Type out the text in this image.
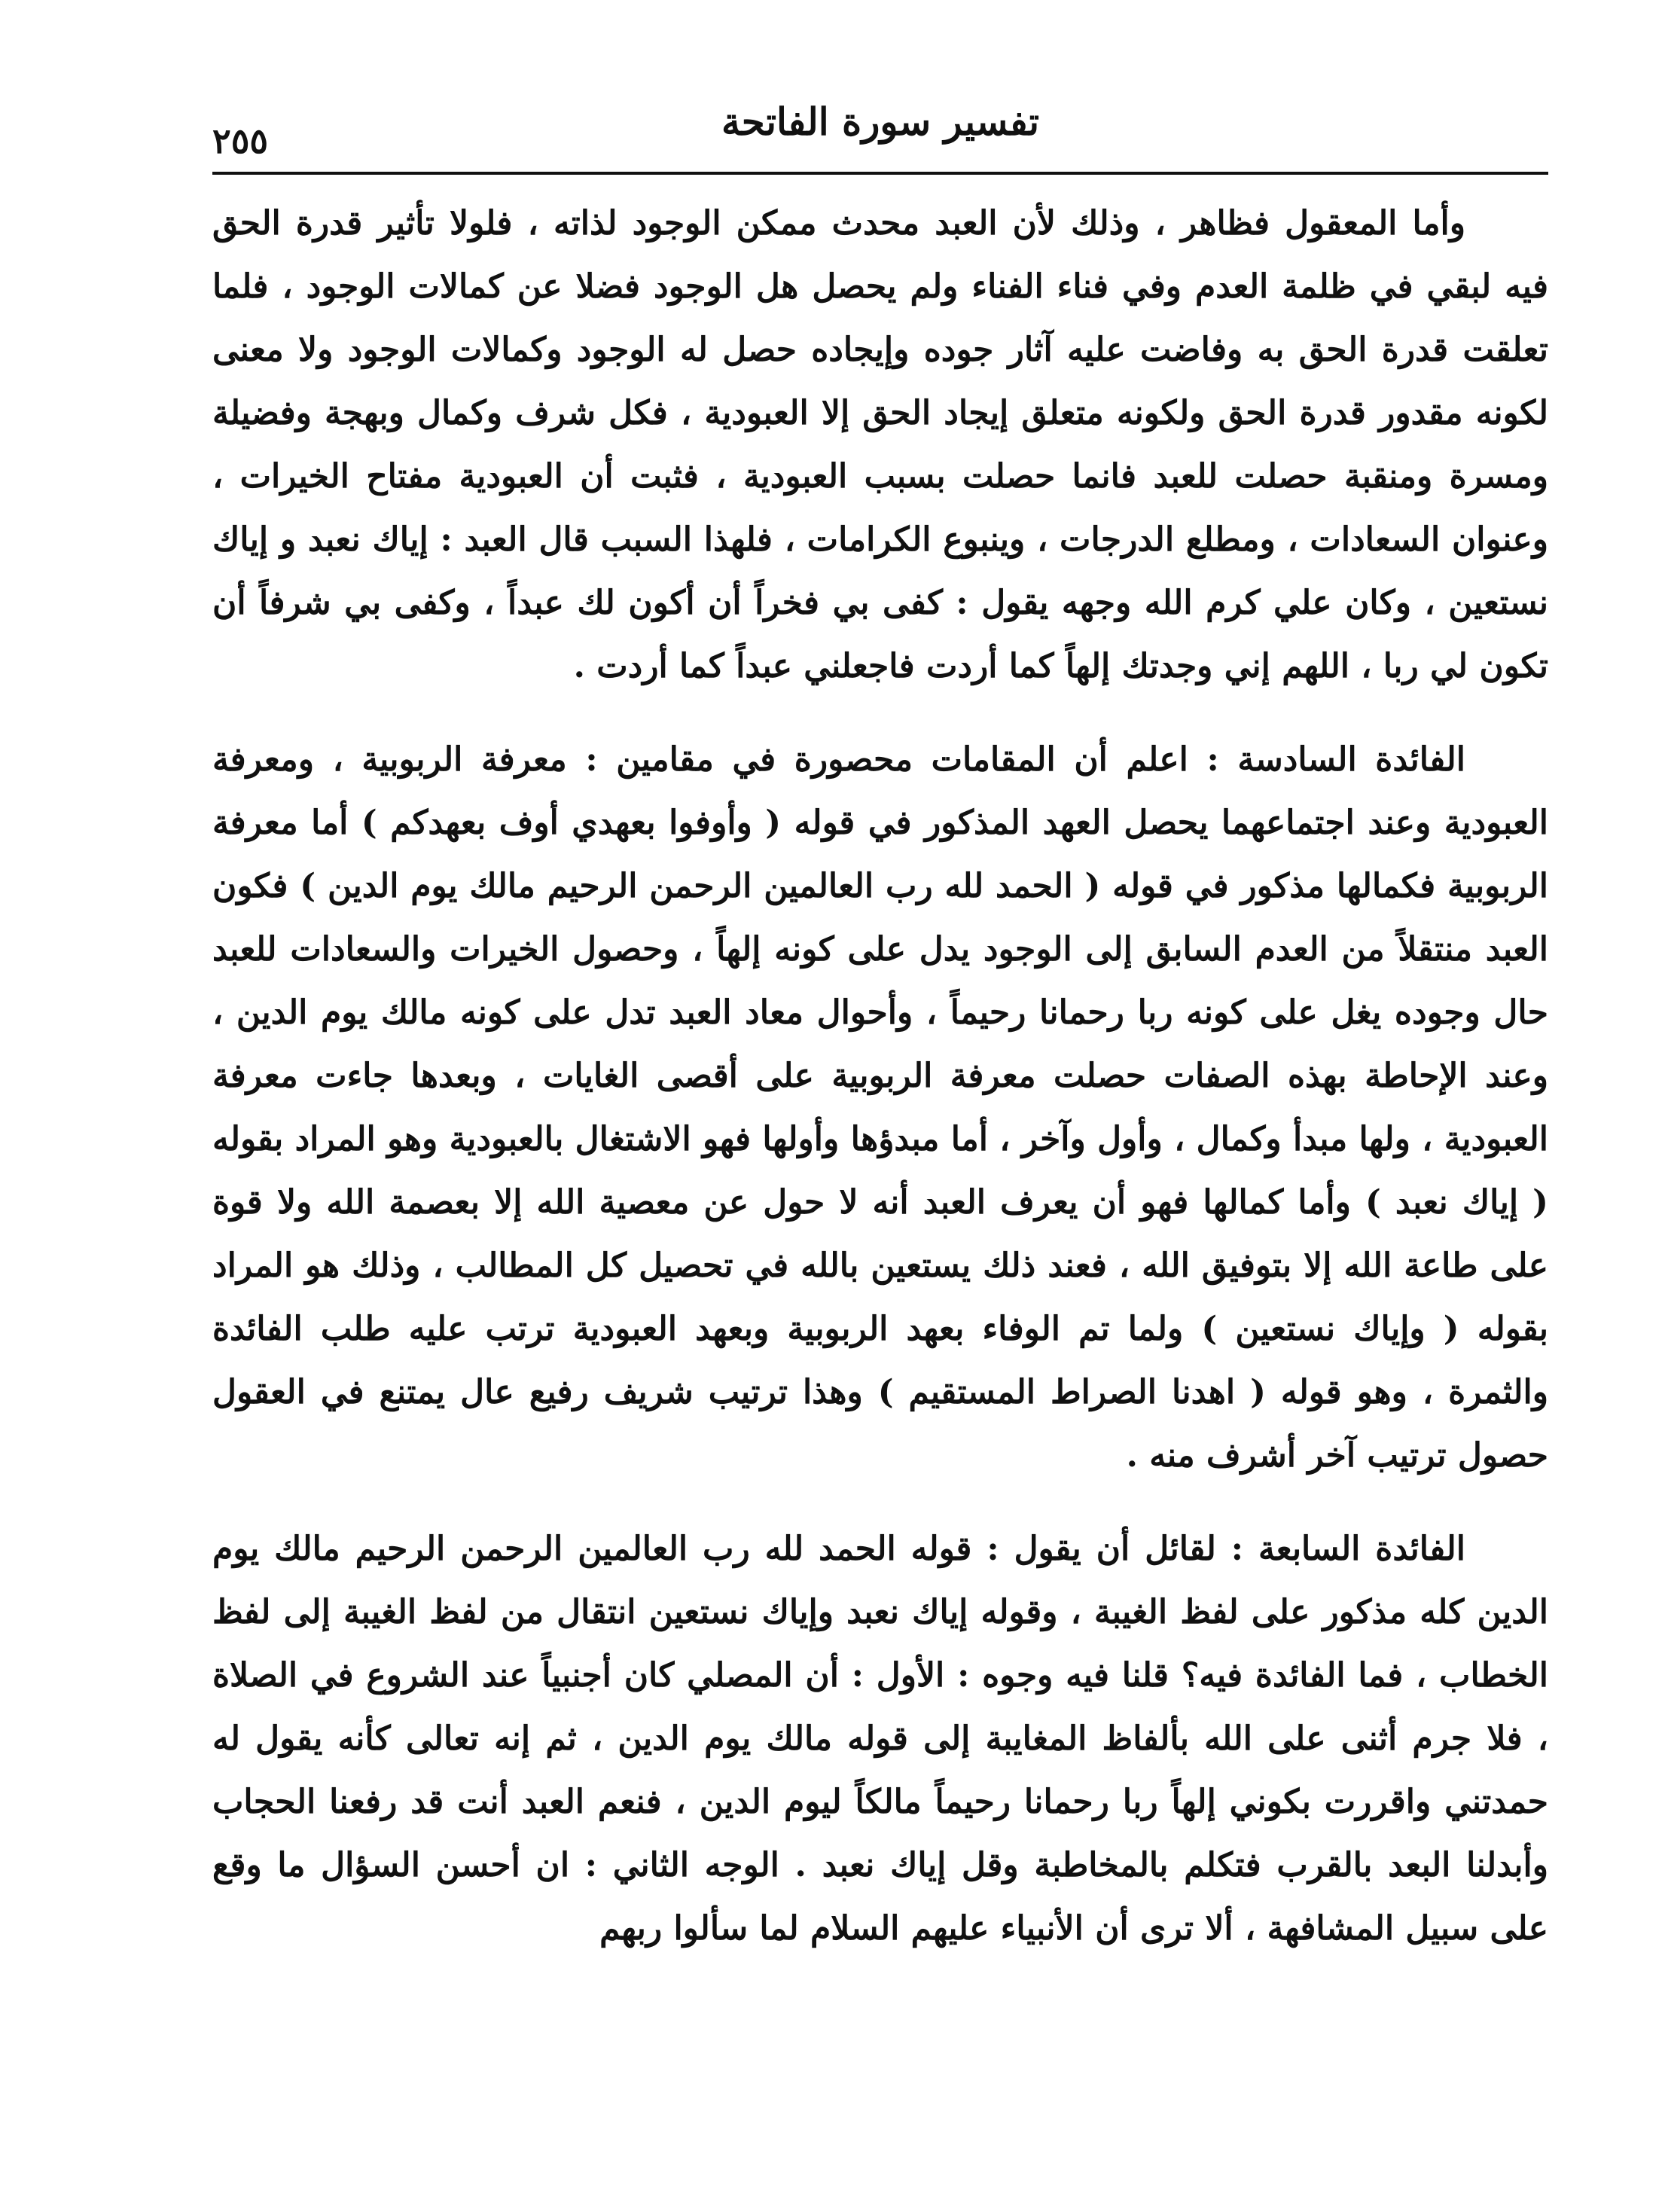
تفسير سورة الفاتحة
٢٥٥

وأما المعقول فظاهر ، وذلك لأن العبد محدث ممكن الوجود لذاته ، فلولا تأثير قدرة الحق فيه لبقي في ظلمة العدم وفي فناء الفناء ولم يحصل هل الوجود فضلا عن كمالات الوجود ، فلما تعلقت قدرة الحق به وفاضت عليه آثار جوده وإيجاده حصل له الوجود وكمالات الوجود ولا معنى لكونه مقدور قدرة الحق ولكونه متعلق إيجاد الحق إلا العبودية ، فكل شرف وكمال وبهجة وفضيلة ومسرة ومنقبة حصلت للعبد فانما حصلت بسبب العبودية ، فثبت أن العبودية مفتاح الخيرات ، وعنوان السعادات ، ومطلع الدرجات ، وينبوع الكرامات ، فلهذا السبب قال العبد : إياك نعبد و إياك نستعين ، وكان علي كرم الله وجهه يقول : كفى بي فخراً أن أكون لك عبداً ، وكفى بي شرفاً أن تكون لي ربا ، اللهم إني وجدتك إلهاً كما أردت فاجعلني عبداً كما أردت .

الفائدة السادسة : اعلم أن المقامات محصورة في مقامين : معرفة الربوبية ، ومعرفة العبودية وعند اجتماعهما يحصل العهد المذكور في قوله ( وأوفوا بعهدي أوف بعهدكم ) أما معرفة الربوبية فكمالها مذكور في قوله ( الحمد لله رب العالمين الرحمن الرحيم مالك يوم الدين ) فكون العبد منتقلاً من العدم السابق إلى الوجود يدل على كونه إلهاً ، وحصول الخيرات والسعادات للعبد حال وجوده يغل على كونه ربا رحمانا رحيماً ، وأحوال معاد العبد تدل على كونه مالك يوم الدين ، وعند الإحاطة بهذه الصفات حصلت معرفة الربوبية على أقصى الغايات ، وبعدها جاءت معرفة العبودية ، ولها مبدأ وكمال ، وأول وآخر ، أما مبدؤها وأولها فهو الاشتغال بالعبودية وهو المراد بقوله ( إياك نعبد ) وأما كمالها فهو أن يعرف العبد أنه لا حول عن معصية الله إلا بعصمة الله ولا قوة على طاعة الله إلا بتوفيق الله ، فعند ذلك يستعين بالله في تحصيل كل المطالب ، وذلك هو المراد بقوله ( وإياك نستعين ) ولما تم الوفاء بعهد الربوبية وبعهد العبودية ترتب عليه طلب الفائدة والثمرة ، وهو قوله ( اهدنا الصراط المستقيم ) وهذا ترتيب شريف رفيع عال يمتنع في العقول حصول ترتيب آخر أشرف منه .

الفائدة السابعة : لقائل أن يقول : قوله الحمد لله رب العالمين الرحمن الرحيم مالك يوم الدين كله مذكور على لفظ الغيبة ، وقوله إياك نعبد وإياك نستعين انتقال من لفظ الغيبة إلى لفظ الخطاب ، فما الفائدة فيه؟ قلنا فيه وجوه : الأول : أن المصلي كان أجنبياً عند الشروع في الصلاة ، فلا جرم أثنى على الله بألفاظ المغايبة إلى قوله مالك يوم الدين ، ثم إنه تعالى كأنه يقول له حمدتني واقررت بكوني إلهاً ربا رحمانا رحيماً مالكاً ليوم الدين ، فنعم العبد أنت قد رفعنا الحجاب وأبدلنا البعد بالقرب فتكلم بالمخاطبة وقل إياك نعبد . الوجه الثاني : ان أحسن السؤال ما وقع على سبيل المشافهة ، ألا ترى أن الأنبياء عليهم السلام لما سألوا ربهم
